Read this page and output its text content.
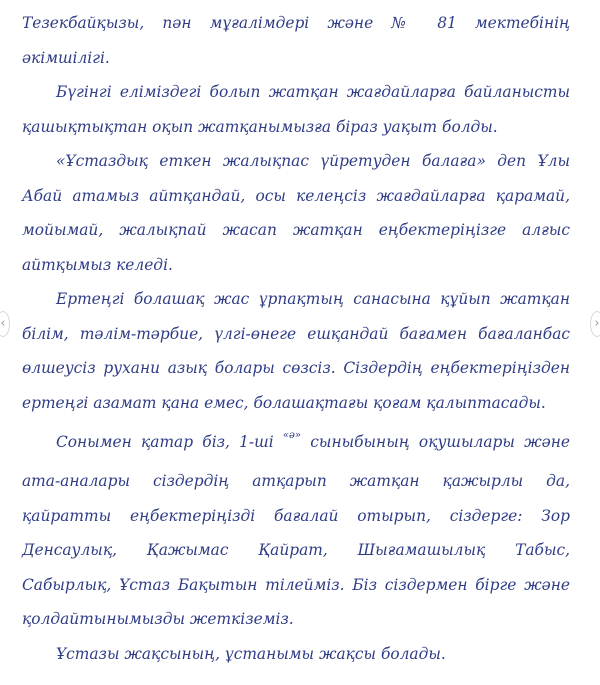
Тезекбайқызы, пән мұғалімдері және № 81 мектебінің
әкімшілігі.
Бүгінгі еліміздегі болып жатқан жағдайларға байланысты
қашықтықтан оқып жатқанымызға біраз уақыт болды.
«Ұстаздық еткен жалықпас үйретуден балаға» деп Ұлы
Абай атамыз айтқандай, осы келеңсіз жағдайларға қарамай,
мойымай, жалықпай жасап жатқан еңбектеріңізге алғыс
айтқымыз келеді.
Ертеңгі болашақ жас ұрпақтың санасына құйып жатқан
білім, тәлім-тәрбие, үлгі-өнеге ешқандай бағамен бағаланбас
өлшеусіз рухани азық болары сөзсіз. Сіздердің еңбектеріңізден
ертеңгі азамат қана емес, болашақтағы қоғам қалыптасады.
Сонымен қатар біз, 1-ші $^{«ә»}$ сыныбының оқушылары және
ата-аналары сіздердің атқарып жатқан қажырлы да,
қайратты еңбектеріңізді бағалай отырып, сіздерге: Зор
Денсаулық, Қажымас Қайрат, Шығамашылық Табыс,
Сабырлық, Ұстаз Бақытын тілейміз. Біз сіздермен бірге және
қолдайтынымызды жеткіземіз.
Ұстазы жақсының, ұстанымы жақсы болады.
‹	›
